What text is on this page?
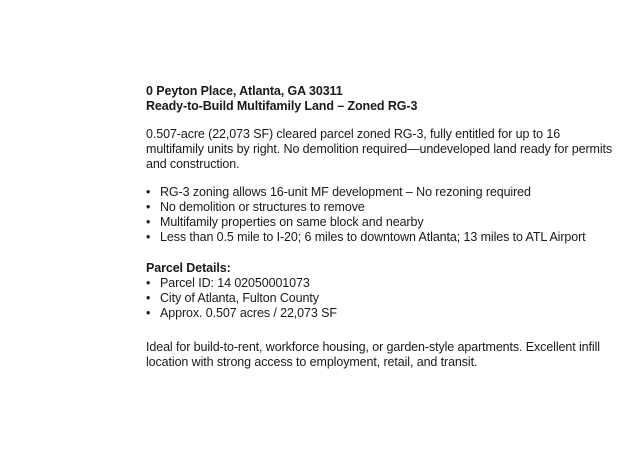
0 Peyton Place, Atlanta, GA 30311

Ready-to-Build Multifamily Land – Zoned RG-3

0.507-acre (22,073 SF) cleared parcel zoned RG-3, fully entitled for up to 16 multifamily units by right. No demolition required—undeveloped land ready for permits and construction.

• RG-3 zoning allows 16-unit MF development – No rezoning required
• No demolition or structures to remove
• Multifamily properties on same block and nearby
• Less than 0.5 mile to I-20; 6 miles to downtown Atlanta; 13 miles to ATL Airport

Parcel Details:

• Parcel ID: 14 02050001073
• City of Atlanta, Fulton County
• Approx. 0.507 acres / 22,073 SF

Ideal for build-to-rent, workforce housing, or garden-style apartments. Excellent infill location with strong access to employment, retail, and transit.
